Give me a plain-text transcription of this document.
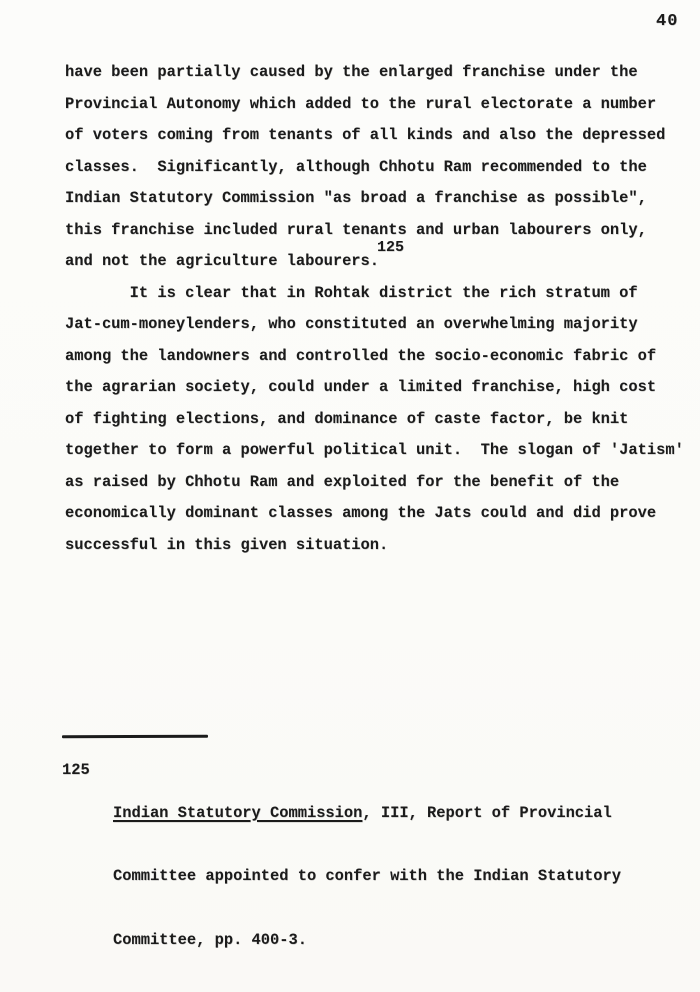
40
have been partially caused by the enlarged franchise under the
Provincial Autonomy which added to the rural electorate a number
of voters coming from tenants of all kinds and also the depressed
classes.  Significantly, although Chhotu Ram recommended to the
Indian Statutory Commission "as broad a franchise as possible",
this franchise included rural tenants and urban labourers only,
and not the agriculture labourers.
It is clear that in Rohtak district the rich stratum of
Jat-cum-moneylenders, who constituted an overwhelming majority
among the landowners and controlled the socio-economic fabric of
the agrarian society, could under a limited franchise, high cost
of fighting elections, and dominance of caste factor, be knit
together to form a powerful political unit.  The slogan of 'Jatism'
as raised by Chhotu Ram and exploited for the benefit of the
economically dominant classes among the Jats could and did prove
successful in this given situation.
125
125

Indian Statutory Commission, III, Report of Provincial

Committee appointed to confer with the Indian Statutory

Committee, pp. 400-3.
